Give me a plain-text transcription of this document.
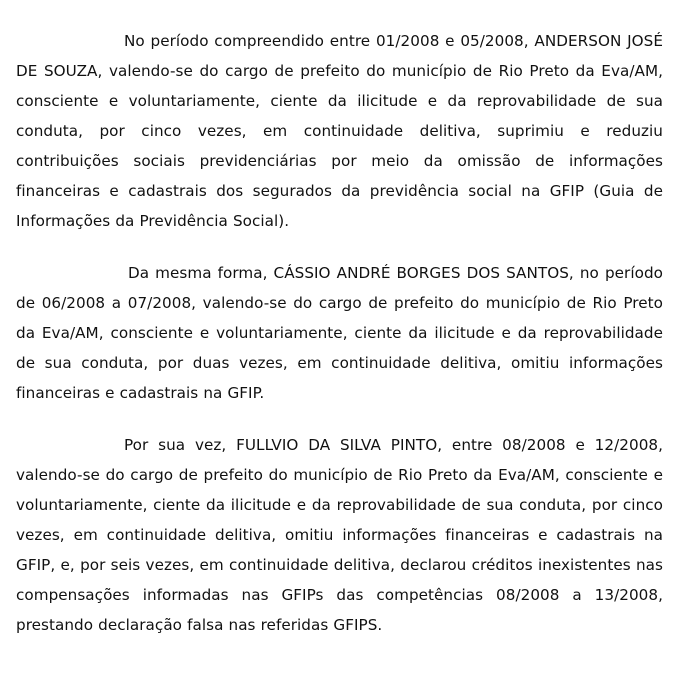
No período compreendido entre 01/2008 e 05/2008, ANDERSON JOSÉ DE SOUZA, valendo-se do cargo de prefeito do município de Rio Preto da Eva/AM, consciente e voluntariamente, ciente da ilicitude e da reprovabilidade de sua conduta, por cinco vezes, em continuidade delitiva, suprimiu e reduziu contribuições sociais previdenciárias por meio da omissão de informações financeiras e cadastrais dos segurados da previdência social na GFIP (Guia de Informações da Previdência Social).

Da mesma forma, CÁSSIO ANDRÉ BORGES DOS SANTOS, no período de 06/2008 a 07/2008, valendo-se do cargo de prefeito do município de Rio Preto da Eva/AM, consciente e voluntariamente, ciente da ilicitude e da reprovabilidade de sua conduta, por duas vezes, em continuidade delitiva, omitiu informações financeiras e cadastrais na GFIP.

Por sua vez, FULLVIO DA SILVA PINTO, entre 08/2008 e 12/2008, valendo-se do cargo de prefeito do município de Rio Preto da Eva/AM, consciente e voluntariamente, ciente da ilicitude e da reprovabilidade de sua conduta, por cinco vezes, em continuidade delitiva, omitiu informações financeiras e cadastrais na GFIP, e, por seis vezes, em continuidade delitiva, declarou créditos inexistentes nas compensações informadas nas GFIPs das competências 08/2008 a 13/2008, prestando declaração falsa nas referidas GFIPS.
